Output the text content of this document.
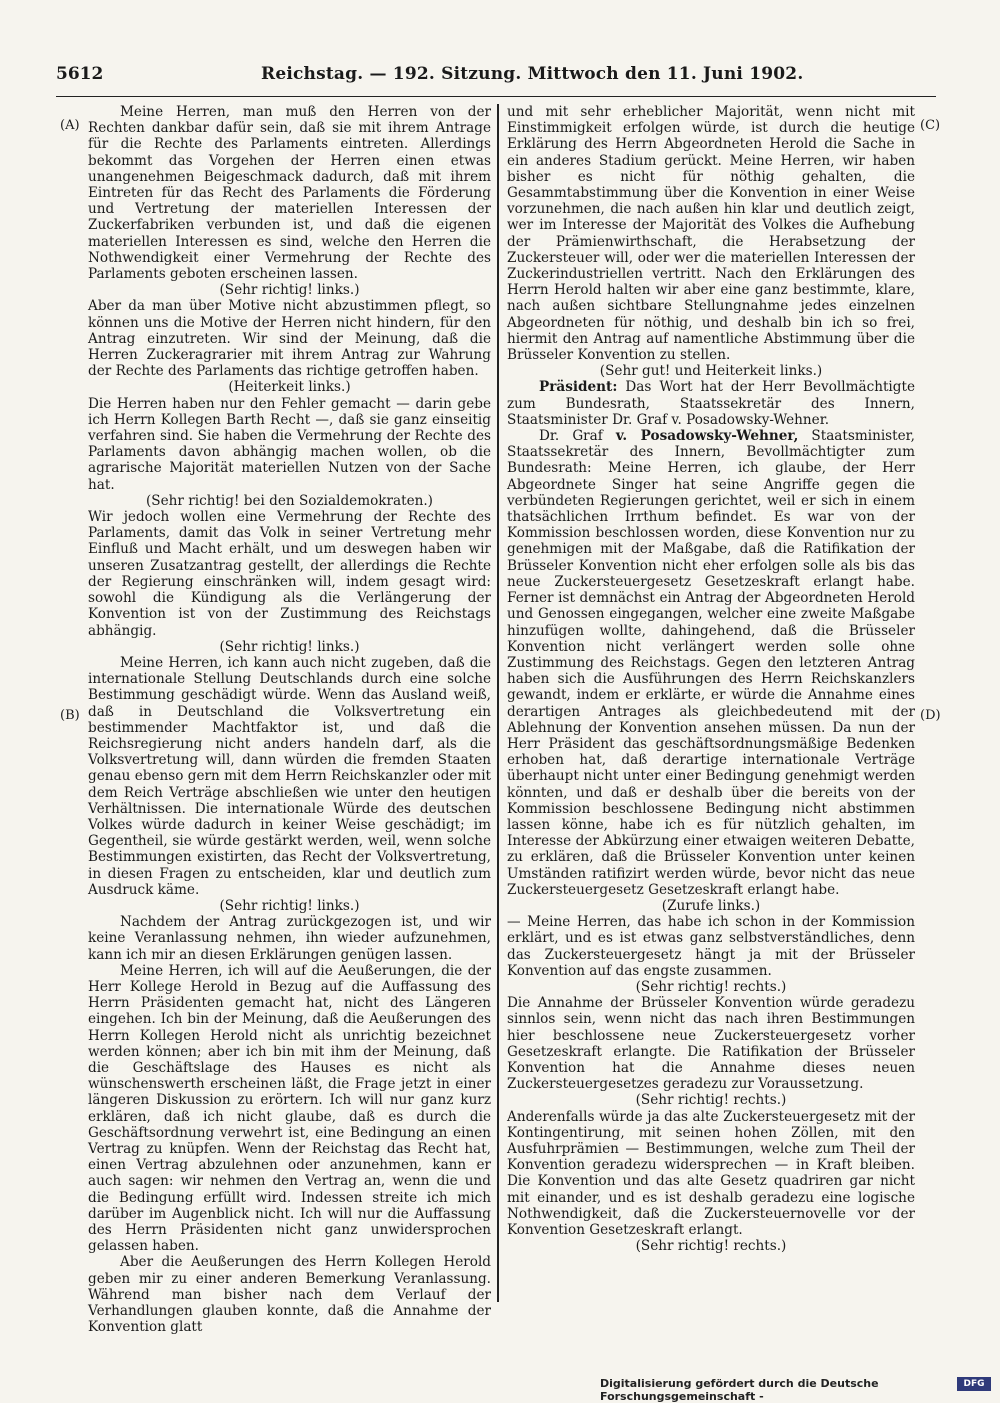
5612	Reichstag. — 192. Sitzung. Mittwoch den 11. Juni 1902.
(A)
(B)
(C)
(D)

Meine Herren, man muß den Herren von der Rechten dankbar dafür sein, daß sie mit ihrem Antrage für die Rechte des Parlaments eintreten. Allerdings bekommt das Vorgehen der Herren einen etwas unangenehmen Beigeschmack dadurch, daß mit ihrem Eintreten für das Recht des Parlaments die Förderung und Vertretung der materiellen Interessen der Zuckerfabriken verbunden ist, und daß die eigenen materiellen Interessen es sind, welche den Herren die Nothwendigkeit einer Vermehrung der Rechte des Parlaments geboten erscheinen lassen.

(Sehr richtig! links.)

Aber da man über Motive nicht abzustimmen pflegt, so können uns die Motive der Herren nicht hindern, für den Antrag einzutreten. Wir sind der Meinung, daß die Herren Zuckeragrarier mit ihrem Antrag zur Wahrung der Rechte des Parlaments das richtige getroffen haben.

(Heiterkeit links.)

Die Herren haben nur den Fehler gemacht — darin gebe ich Herrn Kollegen Barth Recht —, daß sie ganz einseitig verfahren sind. Sie haben die Vermehrung der Rechte des Parlaments davon abhängig machen wollen, ob die agrarische Majorität materiellen Nutzen von der Sache hat.

(Sehr richtig! bei den Sozialdemokraten.)

Wir jedoch wollen eine Vermehrung der Rechte des Parlaments, damit das Volk in seiner Vertretung mehr Einfluß und Macht erhält, und um deswegen haben wir unseren Zusatzantrag gestellt, der allerdings die Rechte der Regierung einschränken will, indem gesagt wird: sowohl die Kündigung als die Verlängerung der Konvention ist von der Zustimmung des Reichstags abhängig.

(Sehr richtig! links.)

Meine Herren, ich kann auch nicht zugeben, daß die internationale Stellung Deutschlands durch eine solche Bestimmung geschädigt würde. Wenn das Ausland weiß, daß in Deutschland die Volksvertretung ein bestimmender Machtfaktor ist, und daß die Reichsregierung nicht anders handeln darf, als die Volksvertretung will, dann würden die fremden Staaten genau ebenso gern mit dem Herrn Reichskanzler oder mit dem Reich Verträge abschließen wie unter den heutigen Verhältnissen. Die internationale Würde des deutschen Volkes würde dadurch in keiner Weise geschädigt; im Gegentheil, sie würde gestärkt werden, weil, wenn solche Bestimmungen existirten, das Recht der Volksvertretung, in diesen Fragen zu entscheiden, klar und deutlich zum Ausdruck käme.

(Sehr richtig! links.)

Nachdem der Antrag zurückgezogen ist, und wir keine Veranlassung nehmen, ihn wieder aufzunehmen, kann ich mir an diesen Erklärungen genügen lassen.

Meine Herren, ich will auf die Aeußerungen, die der Herr Kollege Herold in Bezug auf die Auffassung des Herrn Präsidenten gemacht hat, nicht des Längeren eingehen. Ich bin der Meinung, daß die Aeußerungen des Herrn Kollegen Herold nicht als unrichtig bezeichnet werden können; aber ich bin mit ihm der Meinung, daß die Geschäftslage des Hauses es nicht als wünschenswerth erscheinen läßt, die Frage jetzt in einer längeren Diskussion zu erörtern. Ich will nur ganz kurz erklären, daß ich nicht glaube, daß es durch die Geschäftsordnung verwehrt ist, eine Bedingung an einen Vertrag zu knüpfen. Wenn der Reichstag das Recht hat, einen Vertrag abzulehnen oder anzunehmen, kann er auch sagen: wir nehmen den Vertrag an, wenn die und die Bedingung erfüllt wird. Indessen streite ich mich darüber im Augenblick nicht. Ich will nur die Auffassung des Herrn Präsidenten nicht ganz unwidersprochen gelassen haben.

Aber die Aeußerungen des Herrn Kollegen Herold geben mir zu einer anderen Bemerkung Veranlassung. Während man bisher nach dem Verlauf der Verhandlungen glauben konnte, daß die Annahme der Konvention glatt

und mit sehr erheblicher Majorität, wenn nicht mit Einstimmigkeit erfolgen würde, ist durch die heutige Erklärung des Herrn Abgeordneten Herold die Sache in ein anderes Stadium gerückt. Meine Herren, wir haben bisher es nicht für nöthig gehalten, die Gesammtabstimmung über die Konvention in einer Weise vorzunehmen, die nach außen hin klar und deutlich zeigt, wer im Interesse der Majorität des Volkes die Aufhebung der Prämienwirthschaft, die Herabsetzung der Zuckersteuer will, oder wer die materiellen Interessen der Zuckerindustriellen vertritt. Nach den Erklärungen des Herrn Herold halten wir aber eine ganz bestimmte, klare, nach außen sichtbare Stellungnahme jedes einzelnen Abgeordneten für nöthig, und deshalb bin ich so frei, hiermit den Antrag auf namentliche Abstimmung über die Brüsseler Konvention zu stellen.

(Sehr gut! und Heiterkeit links.)

Präsident: Das Wort hat der Herr Bevollmächtigte zum Bundesrath, Staatssekretär des Innern, Staatsminister Dr. Graf v. Posadowsky-Wehner.

Dr. Graf v. Posadowsky-Wehner, Staatsminister, Staatssekretär des Innern, Bevollmächtigter zum Bundesrath: Meine Herren, ich glaube, der Herr Abgeordnete Singer hat seine Angriffe gegen die verbündeten Regierungen gerichtet, weil er sich in einem thatsächlichen Irrthum befindet. Es war von der Kommission beschlossen worden, diese Konvention nur zu genehmigen mit der Maßgabe, daß die Ratifikation der Brüsseler Konvention nicht eher erfolgen solle als bis das neue Zuckersteuergesetz Gesetzeskraft erlangt habe. Ferner ist demnächst ein Antrag der Abgeordneten Herold und Genossen eingegangen, welcher eine zweite Maßgabe hinzufügen wollte, dahingehend, daß die Brüsseler Konvention nicht verlängert werden solle ohne Zustimmung des Reichstags. Gegen den letzteren Antrag haben sich die Ausführungen des Herrn Reichskanzlers gewandt, indem er erklärte, er würde die Annahme eines derartigen Antrages als gleichbedeutend mit der Ablehnung der Konvention ansehen müssen. Da nun der Herr Präsident das geschäftsordnungsmäßige Bedenken erhoben hat, daß derartige internationale Verträge überhaupt nicht unter einer Bedingung genehmigt werden könnten, und daß er deshalb über die bereits von der Kommission beschlossene Bedingung nicht abstimmen lassen könne, habe ich es für nützlich gehalten, im Interesse der Abkürzung einer etwaigen weiteren Debatte, zu erklären, daß die Brüsseler Konvention unter keinen Umständen ratifizirt werden würde, bevor nicht das neue Zuckersteuergesetz Gesetzeskraft erlangt habe.

(Zurufe links.)

— Meine Herren, das habe ich schon in der Kommission erklärt, und es ist etwas ganz selbstverständliches, denn das Zuckersteuergesetz hängt ja mit der Brüsseler Konvention auf das engste zusammen.

(Sehr richtig! rechts.)

Die Annahme der Brüsseler Konvention würde geradezu sinnlos sein, wenn nicht das nach ihren Bestimmungen hier beschlossene neue Zuckersteuergesetz vorher Gesetzeskraft erlangte. Die Ratifikation der Brüsseler Konvention hat die Annahme dieses neuen Zuckersteuergesetzes geradezu zur Voraussetzung.

(Sehr richtig! rechts.)

Anderenfalls würde ja das alte Zuckersteuergesetz mit der Kontingentirung, mit seinen hohen Zöllen, mit den Ausfuhrprämien — Bestimmungen, welche zum Theil der Konvention geradezu widersprechen — in Kraft bleiben. Die Konvention und das alte Gesetz quadriren gar nicht mit einander, und es ist deshalb geradezu eine logische Nothwendigkeit, daß die Zuckersteuernovelle vor der Konvention Gesetzeskraft erlangt.

(Sehr richtig! rechts.)

Digitalisierung gefördert durch die Deutsche Forschungsgemeinschaft -
DFG
